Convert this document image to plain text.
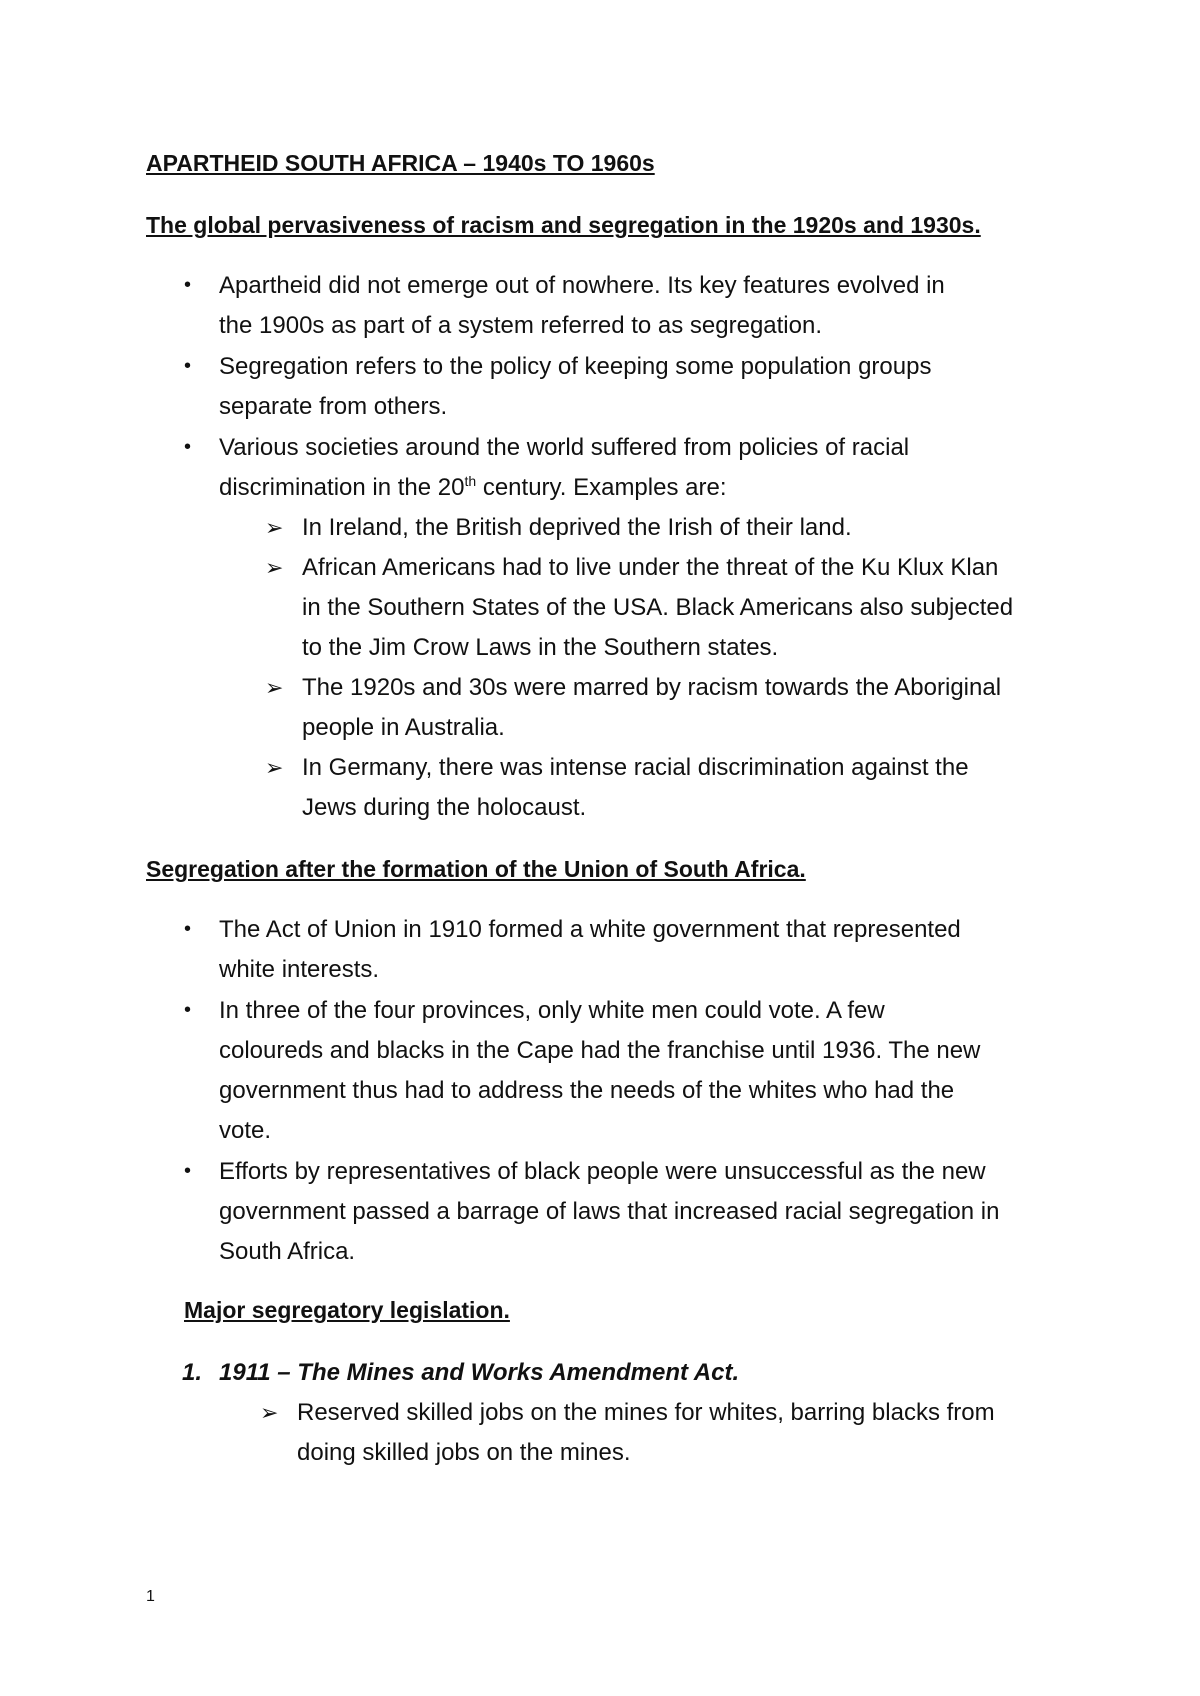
APARTHEID SOUTH AFRICA – 1940s TO 1960s
The global pervasiveness of racism and segregation in the 1920s and 1930s.
• Apartheid did not emerge out of nowhere. Its key features evolved in
the 1900s as part of a system referred to as segregation.
• Segregation refers to the policy of keeping some population groups
separate from others.
• Various societies around the world suffered from policies of racial
discrimination in the 20th century. Examples are:
➢ In Ireland, the British deprived the Irish of their land.
➢ African Americans had to live under the threat of the Ku Klux Klan
in the Southern States of the USA. Black Americans also subjected
to the Jim Crow Laws in the Southern states.
➢ The 1920s and 30s were marred by racism towards the Aboriginal
people in Australia.
➢ In Germany, there was intense racial discrimination against the
Jews during the holocaust.
Segregation after the formation of the Union of South Africa.
• The Act of Union in 1910 formed a white government that represented
white interests.
• In three of the four provinces, only white men could vote. A few
coloureds and blacks in the Cape had the franchise until 1936. The new
government thus had to address the needs of the whites who had the
vote.
• Efforts by representatives of black people were unsuccessful as the new
government passed a barrage of laws that increased racial segregation in
South Africa.
Major segregatory legislation.
1. 1911 – The Mines and Works Amendment Act.
➢ Reserved skilled jobs on the mines for whites, barring blacks from
doing skilled jobs on the mines.
1
